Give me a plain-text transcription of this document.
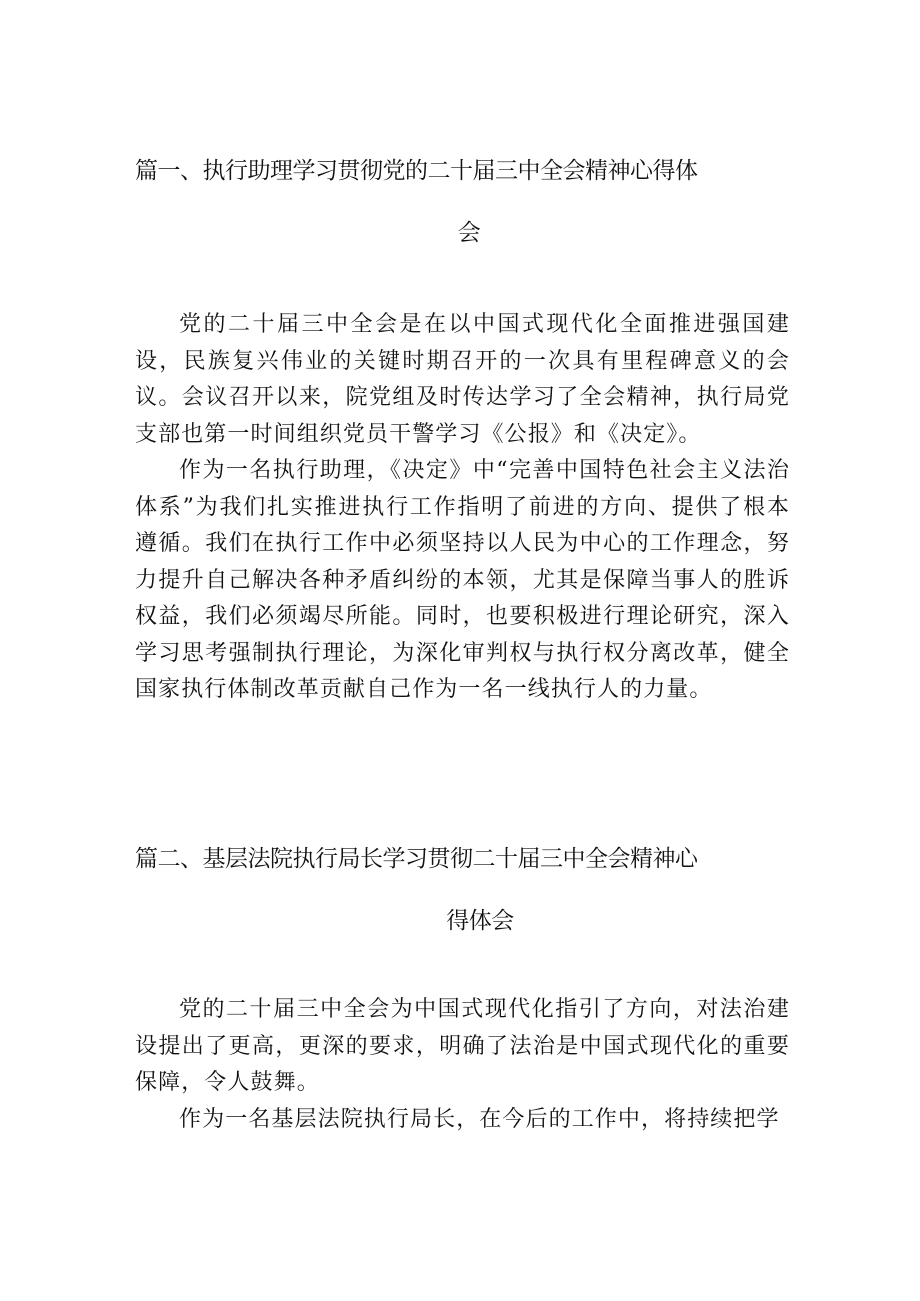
篇一、执行助理学习贯彻党的二十届三中全会精神心得体
会

党的二十届三中全会是在以中国式现代化全面推进强国建设，民族复兴伟业的关键时期召开的一次具有里程碑意义的会议。会议召开以来，院党组及时传达学习了全会精神，执行局党支部也第一时间组织党员干警学习《公报》和《决定》。

作为一名执行助理，《决定》中“完善中国特色社会主义法治体系”为我们扎实推进执行工作指明了前进的方向、提供了根本遵循。我们在执行工作中必须坚持以人民为中心的工作理念，努力提升自己解决各种矛盾纠纷的本领，尤其是保障当事人的胜诉权益，我们必须竭尽所能。同时，也要积极进行理论研究，深入学习思考强制执行理论，为深化审判权与执行权分离改革，健全国家执行体制改革贡献自己作为一名一线执行人的力量。

篇二、基层法院执行局长学习贯彻二十届三中全会精神心
得体会

党的二十届三中全会为中国式现代化指引了方向，对法治建设提出了更高，更深的要求，明确了法治是中国式现代化的重要保障，令人鼓舞。

作为一名基层法院执行局长，在今后的工作中，将持续把学
